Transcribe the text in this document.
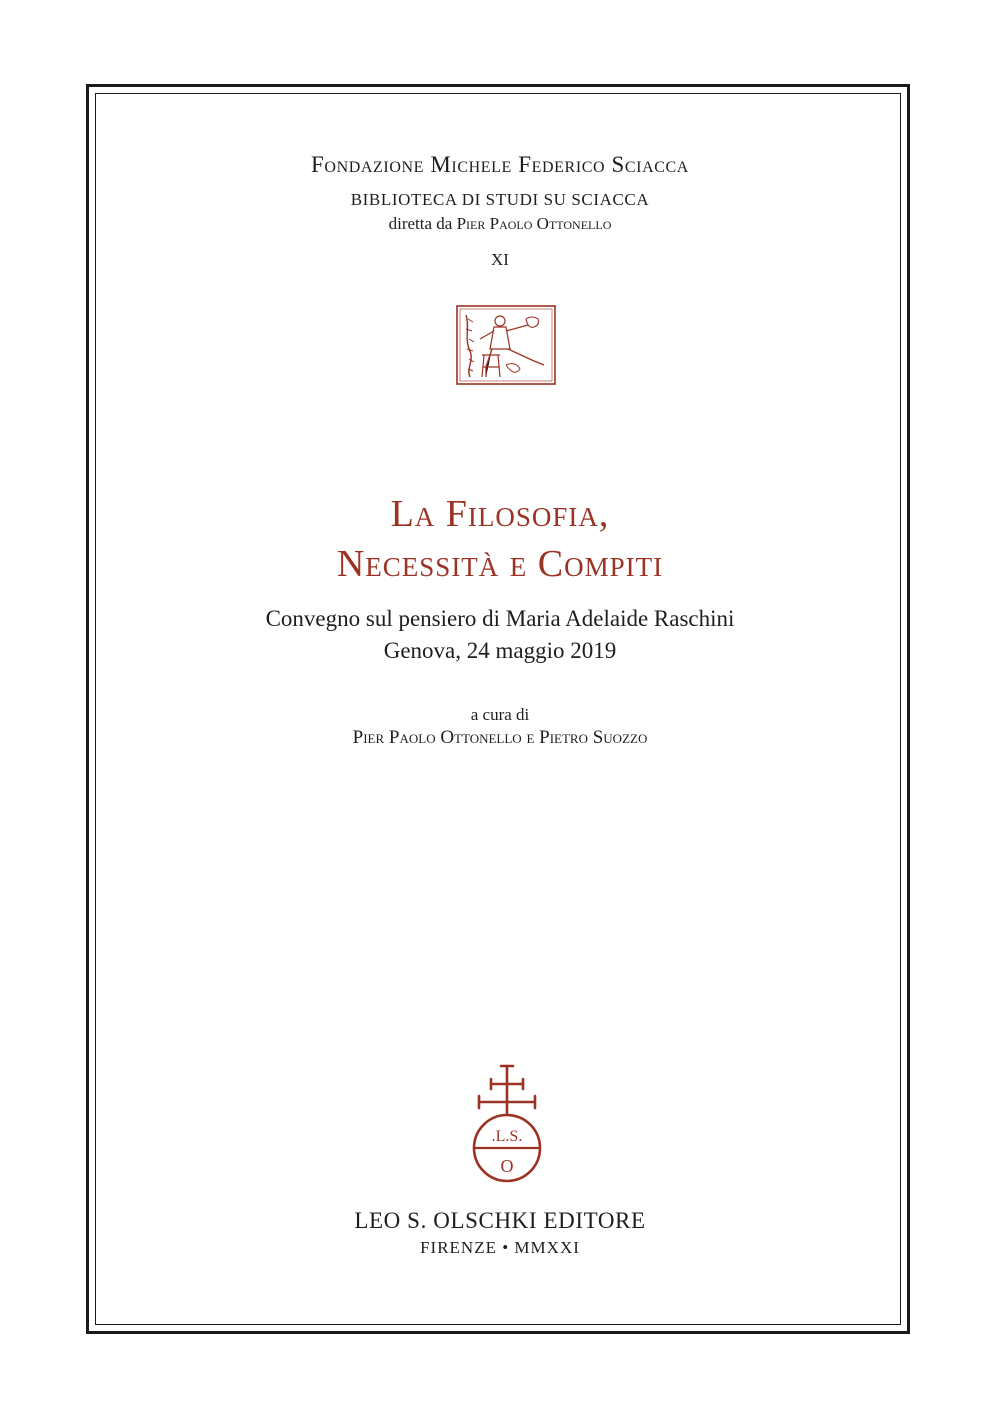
Fondazione Michele Federico Sciacca
BIBLIOTECA DI STUDI SU SCIACCA
diretta da Pier Paolo Ottonello
XI
La Filosofia,
Necessità e Compiti
Convegno sul pensiero di Maria Adelaide Raschini
Genova, 24 maggio 2019
a cura di
Pier Paolo Ottonello e Pietro Suozzo
.L.S.
O
LEO S. OLSCHKI EDITORE
FIRENZE • MMXXI
